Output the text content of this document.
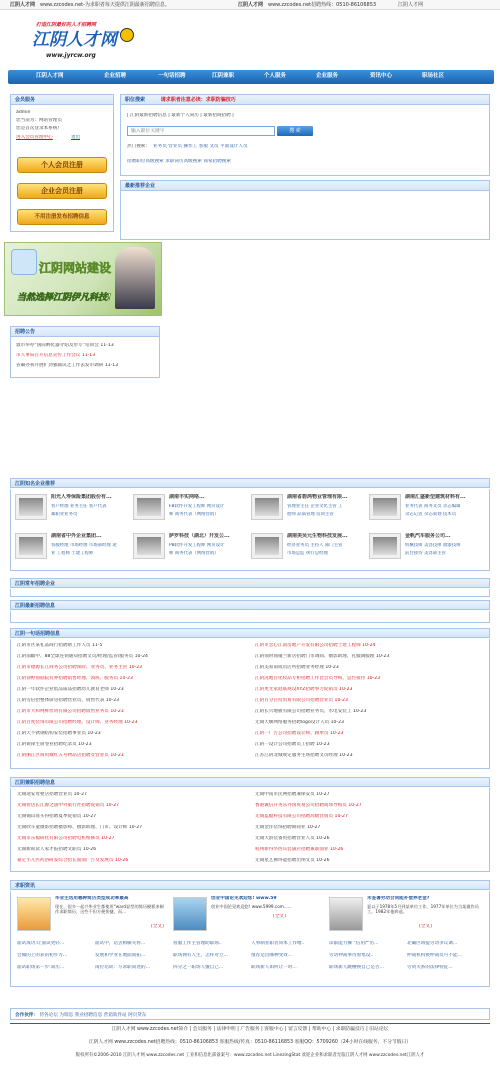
江阴人才网 www.zzcodes.net-为求职者每天提供江阴最新招聘信息。	江阴人才网 www.zzcodes.net招聘热线：0510-86106853	江阴人才网
打造江阴最好的人才招聘网
江阴人才网
www.jyrcw.org
江阴人才网	企业招聘	一句话招聘	江阴兼职	个人服务	企业服务	资讯中心	职场社区
会员服务
admin
您当前为：网站管理员
您是首次登录本系统!
进入会员管理中心	退出
个人会员注册
企业会员注册
不用注册发布招聘信息
职位搜索	请求职者注意必读：求职防骗技巧
| 江阴最新招聘信息 | 最新个人简历 | 最新招商招聘 |
输入职位关键字
搜 索
热门搜索： 业务员 营业员 操作工 客服 文员 平面设计人员
招聘职位高级搜索 求职简历高级搜索 商家招聘搜索
最新推荐企业
江阴网站建设
当然选择江阴伊凡科技!
招聘公告
敦市举办“国际孵化器介绍及形专”培训会 11-13
市人事局召开信息宣传工作会议 11-13
省确办我开展扩劲强辅试之工作去发市调研 11-13
江阴知名企业推荐
阳光人寿保险集团股份有...
客户经理 业务主任 客户代表
素职业业务员
湖南丰实网络...
FB软件开发工程师 网页设计
师 商务代表（网络营销）
湖南省碧鸿物业管理有限...
管理业主任 企业文化主管 工
程师 品质管理 培训主管
湖南汇盛新型建筑材料有...
业务代表 商务文员 杂志编辑
杂志记者 杂志策划 技术员
湖南省中外企业集团...
客服经理 市场经理 市场部经理 途
业 工程师 土建工程师
萨罗科技（湖北）开发公...
PB软件开发工程师 网页设计
师 商务代表（网络营销）
湖南美吴元生物科技发展...
经济业务员 主持人 部门主管
市场总监 执行总经理
金帆汽车服务公司...
机械技师 美容技师 油漆技师
前台接待 美容部主管
江阴常年招聘企业
江阴最新招聘信息
江阴一句话招聘信息
江阴市区某礼品商行招聘助工作人员 11-5
江阴南麒中、88全球连锁通知招聘文员/经理/监管/服务员 10-24
江阴市德源长江商务公司招聘保险、业务员、业务主管 10-23
江阴徐野仙剧院有界招聘销售经理、领班、服务员 10-23
江阴一年软件企业低品质品招聘幼儿教育老师 10-23
江阴雪倍拾整体厨房招聘营业员、销售代表 10-23
江阴市大和网鲜丝资有限公司招聘销售业务员 10-23
江阴百度装饰有限公司招聘经理、设计师、业务经理 10-23
江阴天不锈钢结构安装招聘事业员 10-23
江阴锐锋生厨卷业招聘纪录员 10-23
江阴丽江区商贸城红五号物品店招聘女营业员 10-23
江阴市恋心江南房地产开发有限公司招聘土建工程师 10-24
江阴领时商铺兰新店招聘门市调间、摄影助理、礼服调服理 10-23
江阴美易南成员店所招聘业务经理 10-23
江阴洗地百化妆品专柜招聘工作比会员导购、总台接待 10-23
江阴更光家庭联规设XYZ招聘事力促销员 10-23
江阴百分百投贸易有限公司招聘营业员 10-23
江阴长兴地板有限公司招聘业务员、水电安装工 10-23
无锡天顺网络服务招聘logo设计人员 10-23
江阴一广告公司招聘设计师、跟单员 10-23
江阴一设计公司招聘员工招聘 10-23
江苏江阴北城规定服务生场招聘文员经理 10-23
江阴兼职招聘信息
无锡途安母婴店招聘营业员 10-27
无锡智达长江源之旅中外旅行社招聘促销员 10-27
无锡锡山易买得招聘夏季促销员 10-27
无锡欣车童摄影招聘摄影师、摄影助理、门市、设计师 10-27
无锡市东福研化有限公司招聘电机维修员 10-27
无锡新锐读人家才报招聘文职员 10-26
嘉定小儿医药浴研发综合招长面面广告及发展员 10-26
无锡中南市民网招聘兼保安员 10-27
香港诚信开英乐外国贸易公司招聘商场导购员 10-27
无锡蓝艇科技有限公司招聘高级营销员 10-27
无锡金洋装饰招聘期间业 10-27
无锡天韵装备贸招聘营业人员 10-26
杭州新得华西宾装潢店招聘兼职面业 10-26
无锡星艺佛得能招聘出纳文员 10-26
求职资讯
毕业生选用哪种简历类型成功率最高
现在，很多一起兴毕业生都使用“ward显型的简历模板来制作求职简历，这些不但方便快捷，而...
[全文]
创业中国论见欢迎您! www.59
创业中国论见欢迎您! www.5999.com......
[全文]
未签署劳动合同能补偿养老金?
夏以子1978年5月到某单位工作，1977年单位为当某做作员工。1982年他病退。
[全文]
面试成功:让面试更轻...	面试中，话丢相解关将...	客服工作主管理助职场..	人事制业职者同本工作赠..	读职能力操 “信用严厉...	北确区域提劳动争议调...
会做的上的获的初步方...	发展和学业在地面间拓...	职场拥有人生，怎样对立...	推荐是出哪种变效...	劳动仲裁事待原集设..	仲裁机构被仲裁员可不能...
面试职场第一步:简历...	岗位培训：写求职简述的...	四分之一职场人懂自己...	职场新人如何让一时...	职场新人跳槽换自己是否...	劳资关系的法律特征...
合作伙伴： 侍各论坛 为瑞息 我业招聘信息 营销软件站 阿页贷东
江阴人才网 www.zzcodes.net简介 | 会员服务 | 法律申明 | 广告服务 | 客服中心 | 留言反馈 | 帮助中心 | 求职防骗技巧 | 旧站论坛
江阴人才网 www.zzcodes.net招聘热线：0510-86106853 客服热线/传真：0510-86116853 客服QQ：5709260（24小时在线服务，不分节假日）
版权所有©2006-2010 江阴人才网 www.zzcodes.net 工业和信息化部备案号：www.zzcodes.net LinezingStat 欢迎企业和求职者光临江阴人才网 www.zzcodes.net江阴人才
